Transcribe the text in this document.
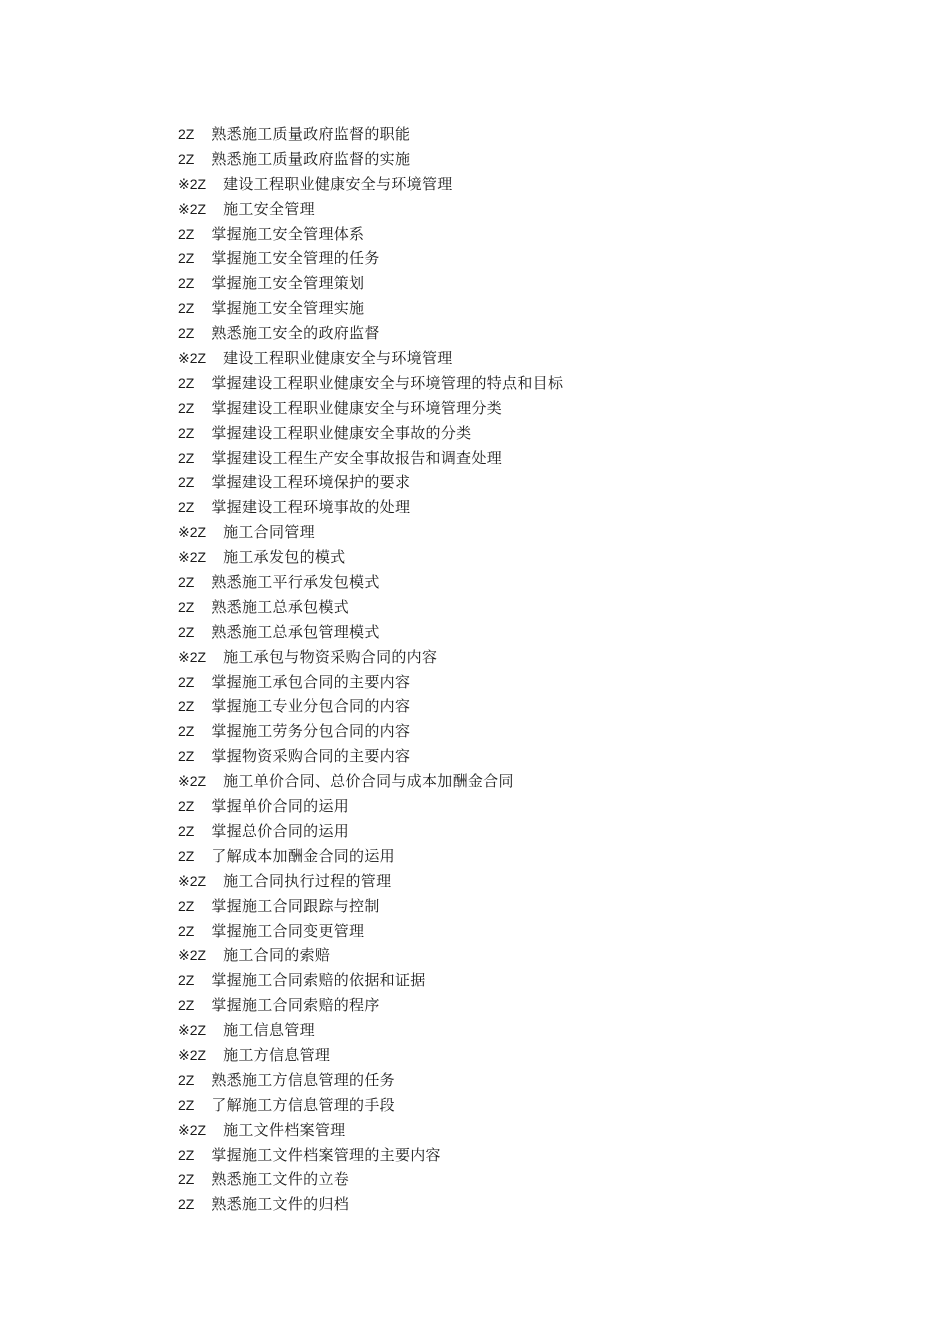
2Z 熟悉施工质量政府监督的职能
2Z 熟悉施工质量政府监督的实施
※2Z 建设工程职业健康安全与环境管理
※2Z 施工安全管理
2Z 掌握施工安全管理体系
2Z 掌握施工安全管理的任务
2Z 掌握施工安全管理策划
2Z 掌握施工安全管理实施
2Z 熟悉施工安全的政府监督
※2Z 建设工程职业健康安全与环境管理
2Z 掌握建设工程职业健康安全与环境管理的特点和目标
2Z 掌握建设工程职业健康安全与环境管理分类
2Z 掌握建设工程职业健康安全事故的分类
2Z 掌握建设工程生产安全事故报告和调查处理
2Z 掌握建设工程环境保护的要求
2Z 掌握建设工程环境事故的处理
※2Z 施工合同管理
※2Z 施工承发包的模式
2Z 熟悉施工平行承发包模式
2Z 熟悉施工总承包模式
2Z 熟悉施工总承包管理模式
※2Z 施工承包与物资采购合同的内容
2Z 掌握施工承包合同的主要内容
2Z 掌握施工专业分包合同的内容
2Z 掌握施工劳务分包合同的内容
2Z 掌握物资采购合同的主要内容
※2Z 施工单价合同、总价合同与成本加酬金合同
2Z 掌握单价合同的运用
2Z 掌握总价合同的运用
2Z 了解成本加酬金合同的运用
※2Z 施工合同执行过程的管理
2Z 掌握施工合同跟踪与控制
2Z 掌握施工合同变更管理
※2Z 施工合同的索赔
2Z 掌握施工合同索赔的依据和证据
2Z 掌握施工合同索赔的程序
※2Z 施工信息管理
※2Z 施工方信息管理
2Z 熟悉施工方信息管理的任务
2Z 了解施工方信息管理的手段
※2Z 施工文件档案管理
2Z 掌握施工文件档案管理的主要内容
2Z 熟悉施工文件的立卷
2Z 熟悉施工文件的归档
